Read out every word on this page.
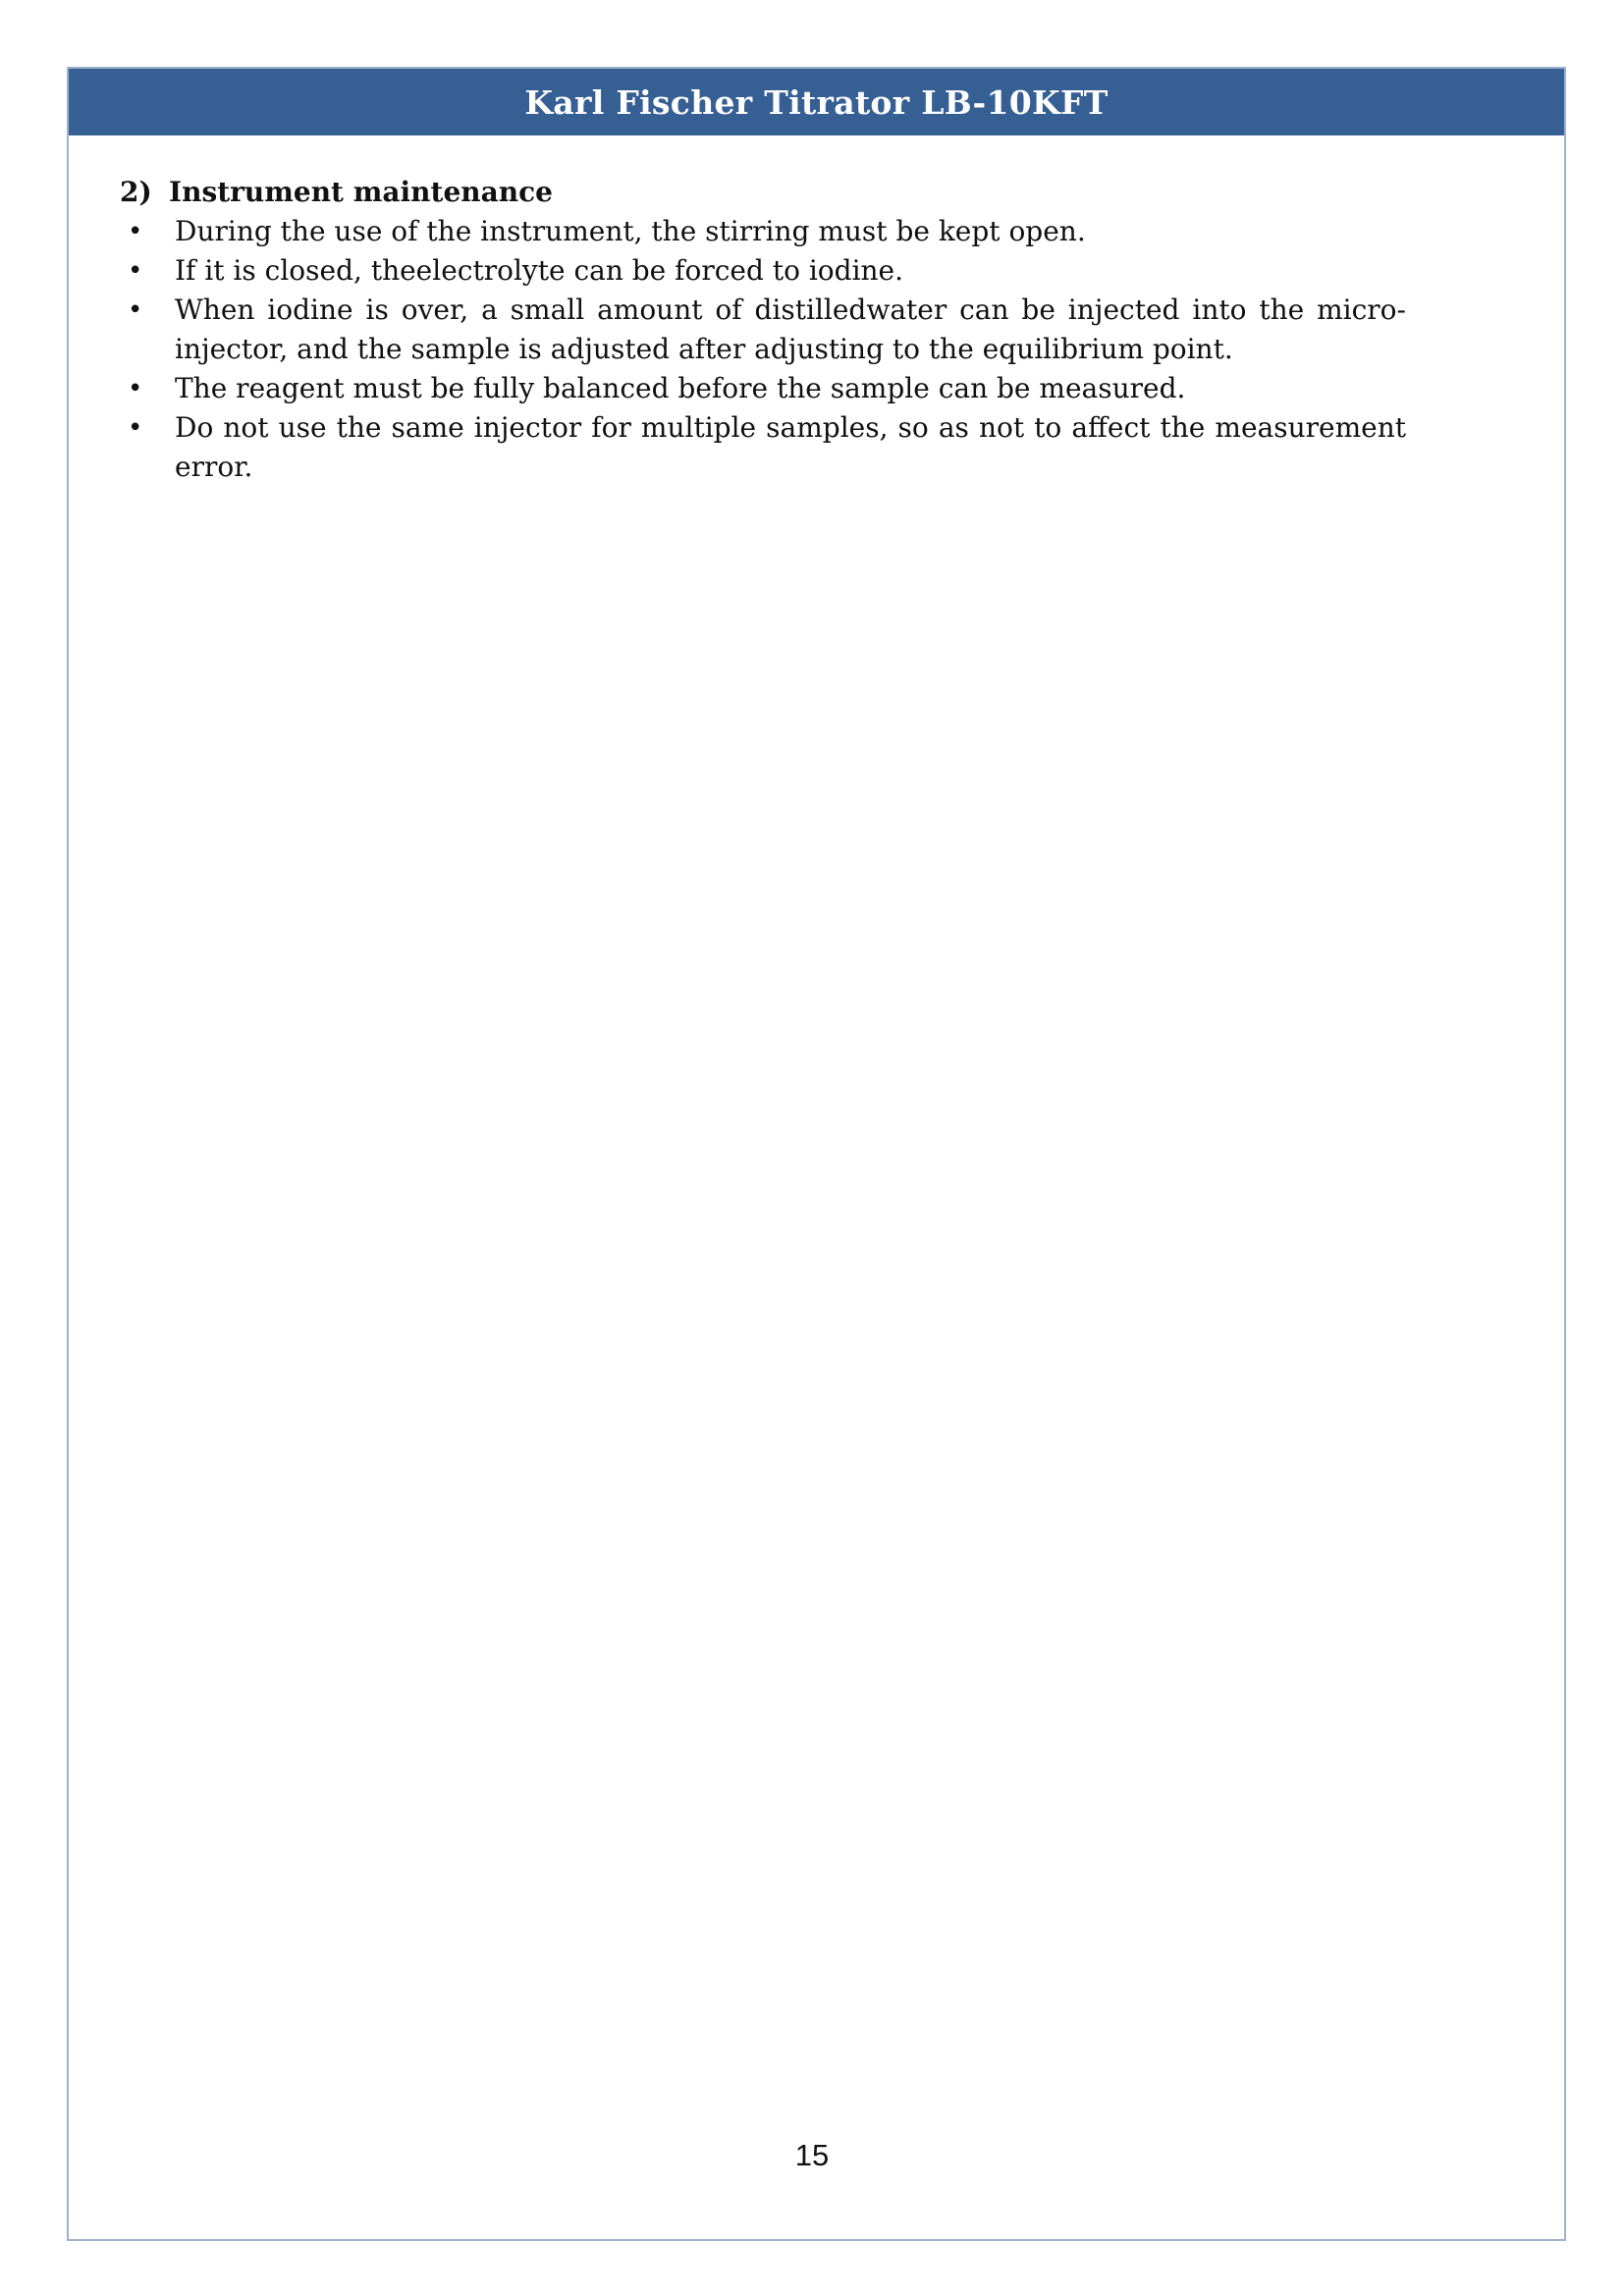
Karl Fischer Titrator LB-10KFT
2) Instrument maintenance
•	During the use of the instrument, the stirring must be kept open.
•	If it is closed, theelectrolyte can be forced to iodine.
•	When iodine is over, a small amount of distilledwater can be injected into the micro-injector, and the sample is adjusted after adjusting to the equilibrium point.
•	The reagent must be fully balanced before the sample can be measured.
•	Do not use the same injector for multiple samples, so as not to affect the measurement error.
15
